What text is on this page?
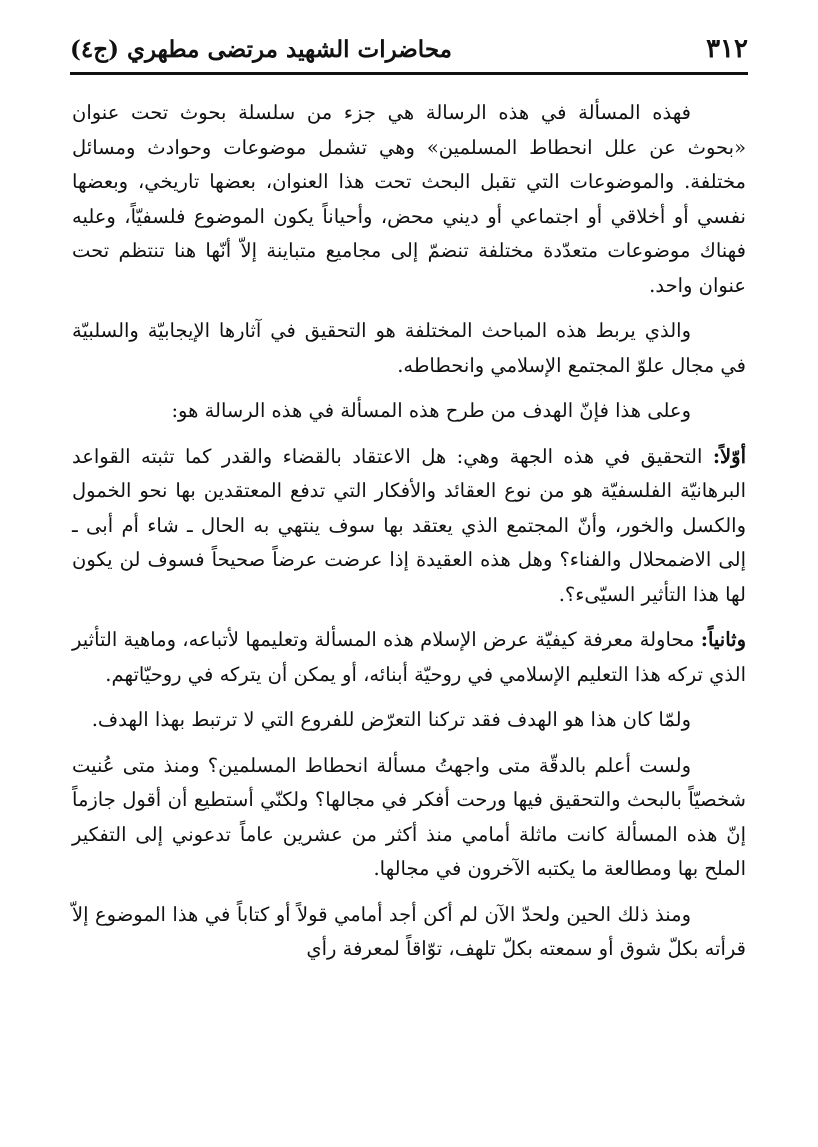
٣١٢
محاضرات الشهيد مرتضى مطهري (ج٤)

فهذه المسألة في هذه الرسالة هي جزء من سلسلة بحوث تحت عنوان «بحوث عن علل انحطاط المسلمين» وهي تشمل موضوعات وحوادث ومسائل مختلفة. والموضوعات التي تقبل البحث تحت هذا العنوان، بعضها تاريخي، وبعضها نفسي أو أخلاقي أو اجتماعي أو ديني محض، وأحياناً يكون الموضوع فلسفيّاً، وعليه فهناك موضوعات متعدّدة مختلفة تنضمّ إلى مجاميع متباينة إلاّ أنّها هنا تنتظم تحت عنوان واحد.

والذي يربط هذه المباحث المختلفة هو التحقيق في آثارها الإيجابيّة والسلبيّة في مجال علوّ المجتمع الإسلامي وانحطاطه.

وعلى هذا فإنّ الهدف من طرح هذه المسألة في هذه الرسالة هو:

أوّلاً: التحقيق في هذه الجهة وهي: هل الاعتقاد بالقضاء والقدر كما تثبته القواعد البرهانيّة الفلسفيّة هو من نوع العقائد والأفكار التي تدفع المعتقدين بها نحو الخمول والكسل والخور، وأنّ المجتمع الذي يعتقد بها سوف ينتهي به الحال ـ شاء أم أبى ـ إلى الاضمحلال والفناء؟ وهل هذه العقيدة إذا عرضت عرضاً صحيحاً فسوف لن يكون لها هذا التأثير السيّىء؟.

وثانياً: محاولة معرفة كيفيّة عرض الإسلام هذه المسألة وتعليمها لأتباعه، وماهية التأثير الذي تركه هذا التعليم الإسلامي في روحيّة أبنائه، أو يمكن أن يتركه في روحيّاتهم.

ولمّا كان هذا هو الهدف فقد تركنا التعرّض للفروع التي لا ترتبط بهذا الهدف.

ولست أعلم بالدقّة متى واجهتُ مسألة انحطاط المسلمين؟ ومنذ متى عُنيت شخصيّاً بالبحث والتحقيق فيها ورحت أفكر في مجالها؟ ولكنّي أستطيع أن أقول جازماً إنّ هذه المسألة كانت ماثلة أمامي منذ أكثر من عشرين عاماً تدعوني إلى التفكير الملح بها ومطالعة ما يكتبه الآخرون في مجالها.

ومنذ ذلك الحين ولحدّ الآن لم أكن أجد أمامي قولاً أو كتاباً في هذا الموضوع إلاّ قرأته بكلّ شوق أو سمعته بكلّ تلهف، توّاقاً لمعرفة رأي
